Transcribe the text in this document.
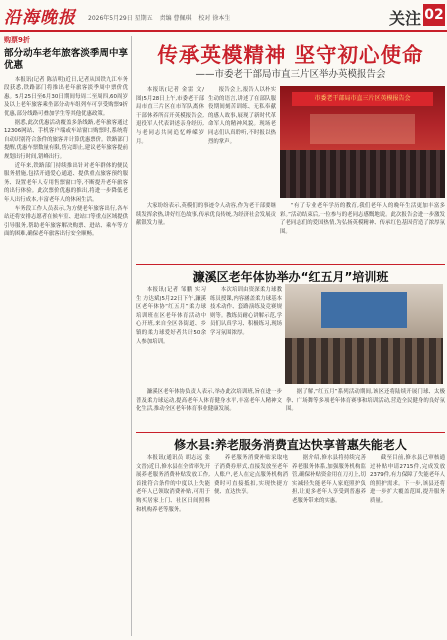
沿海晚报 2026年5月29日 星期五 责编 曹佩琪 校对 徐本生	关注 02
购票9折
部分动车老年旅客淡季周中享优惠

本报讯(记者 陈洁明)近日,记者从国铁九江车务段获悉,铁路部门将推出老年旅客淡季周中票价优惠。5月25日至6月30日期间每周二至周四,60周岁及以上老年旅客乘坐部分动车组列车可享受购票9折优惠,部分线路可叠加学生等其他优惠政策。

据悉,此次优惠活动覆盖多条线路,老年旅客通过12306网站、手机客户端或车站窗口购票时,系统将自动识别符合条件的旅客并计算优惠票价。铁路部门提醒,优惠车票数量有限,售完即止,建议老年旅客提前规划出行时间,错峰出行。

近年来,铁路部门持续推出针对老年群体的便民服务措施,包括开通爱心通道、提供重点旅客预约服务、设置老年人专用售票窗口等,不断提升老年旅客的出行体验。此次票价优惠的推出,将进一步降低老年人出行成本,丰富老年人的休闲生活。

车务段工作人员表示,为方便老年旅客出行,各车站还将安排志愿者在候车室、进站口等重点区域提供引导服务,帮助老年旅客解决购票、进站、乘车等方面的困难,确保老年旅客出行安全顺畅。

传承英模精神 坚守初心使命
——市委老干部局市直三片区举办英模报告会

本报讯(记者 金雷 文/图)5月28日上午,市委老干部局市直三片区在市军队离休干部休养所召开英模报告会,退役军人代表讲述亲身经历,与老同志共同追忆峥嵘岁月。

报告会上,报告人以朴实生动的语言,讲述了在部队服役期间刻苦训练、无私奉献的感人故事,展现了新时代革命军人的精神风貌。现场老同志们认真聆听,不时报以热烈的掌声。

市委老干部局市直三片区英模报告会

大家纷纷表示,英模们的事迹令人动容,作为老干部要继续发挥余热,讲好红色故事,传承优良传统,为经济社会发展贡献银发力量。

“有了专业老年学历的教育,我们老年人的晚年生活更加丰富多彩。”活动结束后,一位参与的老同志感慨地说。此次报告会进一步激发了老同志们的爱国热情,为弘扬英模精神、传承红色基因营造了浓厚氛围。

濂溪区老年体协举办“红五月”培训班

本报讯(记者 邹鹏 实习生 方达斌)5月22日下午,濂溪区老年体协“红五月”柔力球培训班在区老年体育活动中心开班,来自全区各街道、乡镇的柔力球爱好者共计50余人参加培训。

本次培训由资深柔力球教练员授课,内容涵盖柔力球基本技术动作、套路演练及竞赛规则等。教练员耐心讲解示范,学员们认真学习、积极练习,现场学习氛围浓厚。

濂溪区老年体协负责人表示,举办此次培训班,旨在进一步普及柔力球运动,提高老年人体育健身水平,丰富老年人精神文化生活,推动全区老年体育事业健康发展。

据了解,“红五月”系列活动期间,该区还将陆续开展门球、太极拳、广场舞等多项老年体育赛事和培训活动,营造全民健身的良好氛围。

修水县:养老服务消费直达快享普惠失能老人

本报讯(通讯员 胡志远 张文晋)近日,修水县在全省率先开展养老服务消费补贴发放工作,首批符合条件的中度以上失能老年人已领取消费补贴,可用于购买居家上门、社区日间照料和机构养老等服务。

养老服务消费补贴采取电子消费券形式,直接发放至老年人账户,老人在定点服务机构消费时可直接抵扣,实现快捷方便、直达快享。

据介绍,修水县将持续完善养老服务体系,加强服务机构监管,确保补贴资金用在刀刃上,切实减轻失能老年人家庭照护负担,让更多老年人享受到普惠养老服务带来的实惠。

截至目前,修水县已审核通过补贴申请2715件,完成发放2379件,有力保障了失能老年人的照护需求。下一步,该县还将进一步扩大覆盖范围,提升服务质量。
